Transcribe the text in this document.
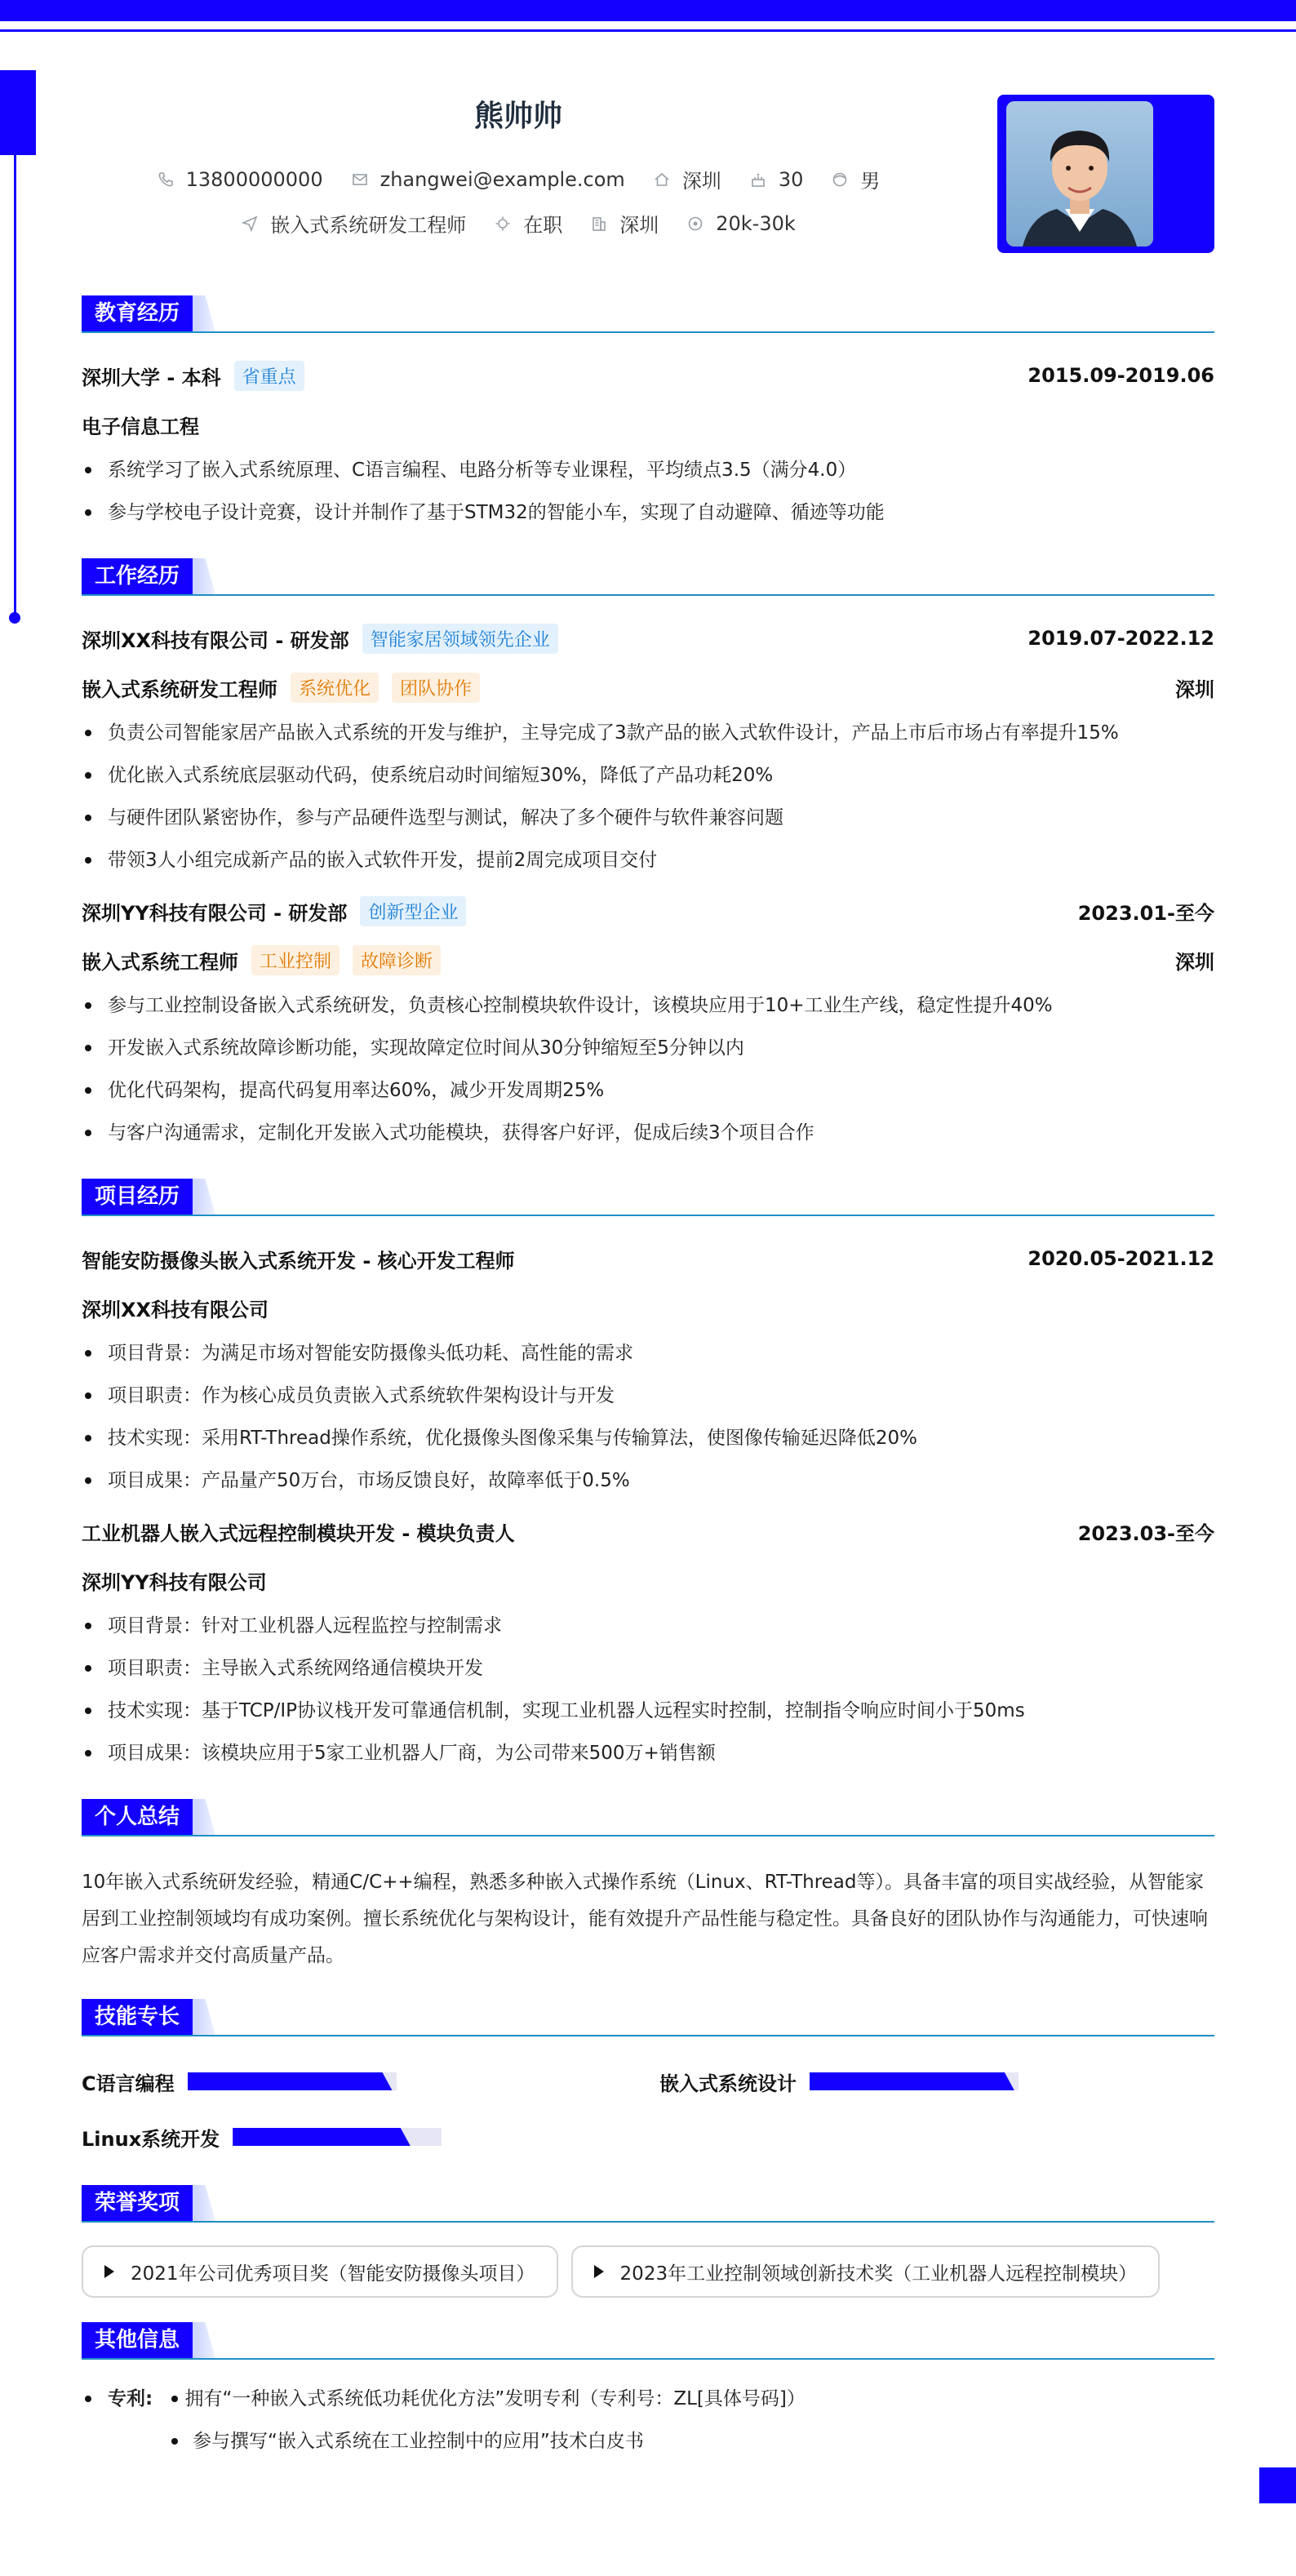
熊帅帅
13800000000	zhangwei@example.com	深圳	30	男
嵌入式系统研发工程师	在职	深圳	20k-30k
教育经历
深圳大学 - 本科	省重点	2015.09-2019.06
电子信息工程
系统学习了嵌入式系统原理、C语言编程、电路分析等专业课程，平均绩点3.5（满分4.0）
参与学校电子设计竞赛，设计并制作了基于STM32的智能小车，实现了自动避障、循迹等功能
工作经历
深圳XX科技有限公司 - 研发部	智能家居领域领先企业	2019.07-2022.12
嵌入式系统研发工程师	系统优化	团队协作	深圳
负责公司智能家居产品嵌入式系统的开发与维护，主导完成了3款产品的嵌入式软件设计，产品上市后市场占有率提升15%
优化嵌入式系统底层驱动代码，使系统启动时间缩短30%，降低了产品功耗20%
与硬件团队紧密协作，参与产品硬件选型与测试，解决了多个硬件与软件兼容问题
带领3人小组完成新产品的嵌入式软件开发，提前2周完成项目交付
深圳YY科技有限公司 - 研发部	创新型企业	2023.01-至今
嵌入式系统工程师	工业控制	故障诊断	深圳
参与工业控制设备嵌入式系统研发，负责核心控制模块软件设计，该模块应用于10+工业生产线，稳定性提升40%
开发嵌入式系统故障诊断功能，实现故障定位时间从30分钟缩短至5分钟以内
优化代码架构，提高代码复用率达60%，减少开发周期25%
与客户沟通需求，定制化开发嵌入式功能模块，获得客户好评，促成后续3个项目合作
项目经历
智能安防摄像头嵌入式系统开发 - 核心开发工程师	2020.05-2021.12
深圳XX科技有限公司
项目背景：为满足市场对智能安防摄像头低功耗、高性能的需求
项目职责：作为核心成员负责嵌入式系统软件架构设计与开发
技术实现：采用RT-Thread操作系统，优化摄像头图像采集与传输算法，使图像传输延迟降低20%
项目成果：产品量产50万台，市场反馈良好，故障率低于0.5%
工业机器人嵌入式远程控制模块开发 - 模块负责人	2023.03-至今
深圳YY科技有限公司
项目背景：针对工业机器人远程监控与控制需求
项目职责：主导嵌入式系统网络通信模块开发
技术实现：基于TCP/IP协议栈开发可靠通信机制，实现工业机器人远程实时控制，控制指令响应时间小于50ms
项目成果：该模块应用于5家工业机器人厂商，为公司带来500万+销售额
个人总结
10年嵌入式系统研发经验，精通C/C++编程，熟悉多种嵌入式操作系统（Linux、RT-Thread等）。具备丰富的项目实战经验，从智能家居到工业控制领域均有成功案例。擅长系统优化与架构设计，能有效提升产品性能与稳定性。具备良好的团队协作与沟通能力，可快速响应客户需求并交付高质量产品。
技能专长
C语言编程	嵌入式系统设计
Linux系统开发
荣誉奖项
2021年公司优秀项目奖（智能安防摄像头项目）	2023年工业控制领域创新技术奖（工业机器人远程控制模块）
其他信息
专利: 拥有“一种嵌入式系统低功耗优化方法”发明专利（专利号：ZL[具体号码]）
参与撰写“嵌入式系统在工业控制中的应用”技术白皮书
